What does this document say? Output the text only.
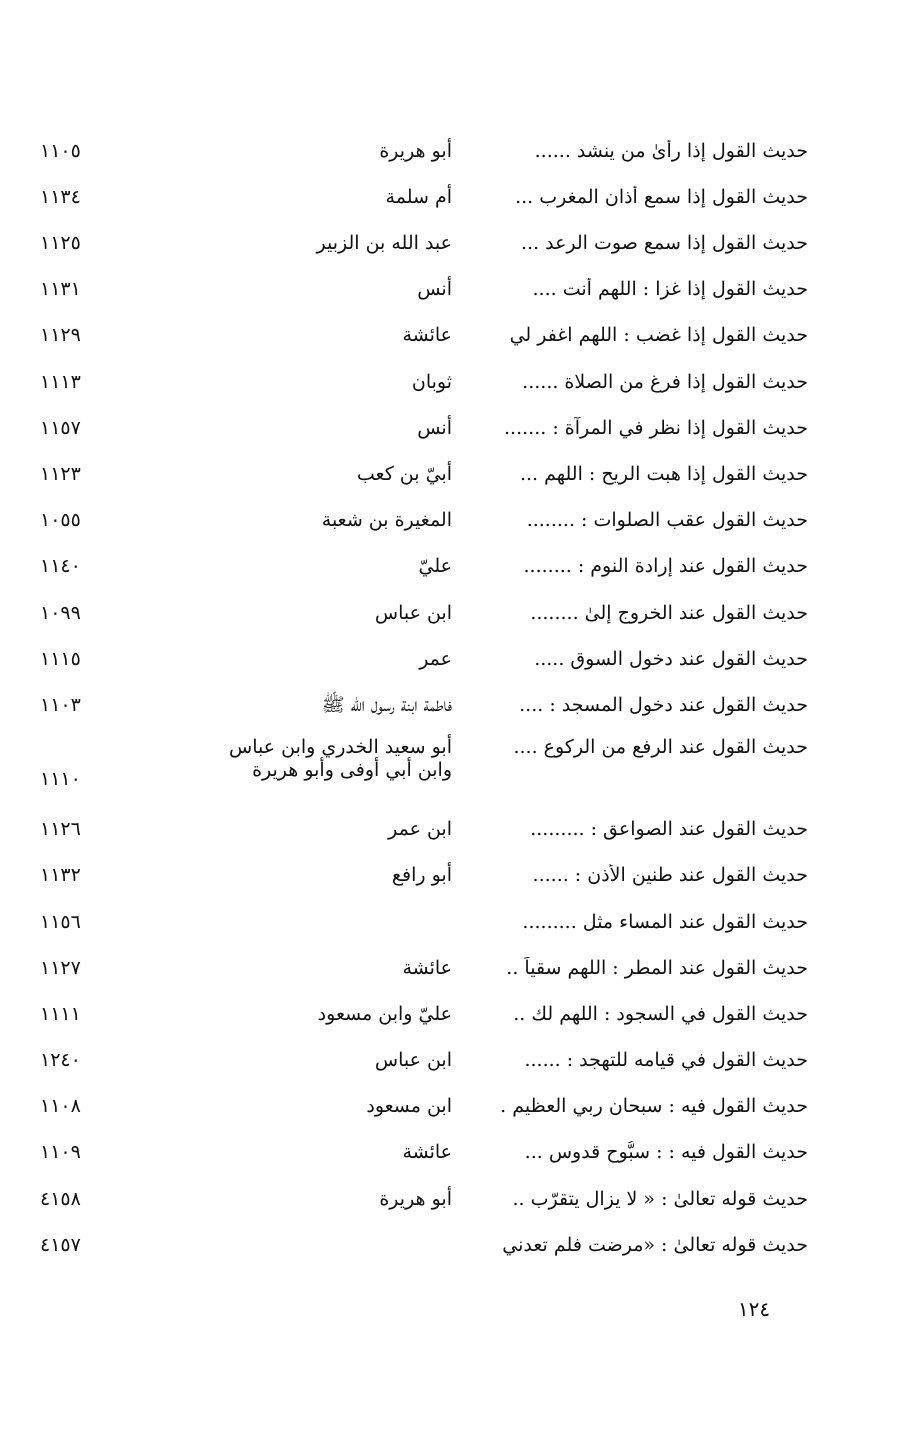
حديث القول إذا رأىٰ من ينشد ......
أبو هريرة
١١٠٥
حديث القول إذا سمع أذان المغرب ...
أم سلمة
١١٣٤
حديث القول إذا سمع صوت الرعد ...
عبد الله بن الزبير
١١٢٥
حديث القول إذا غزا : اللهم أنت ....
أنس
١١٣١
حديث القول إذا غضب : اللهم اغفر لي
عائشة
١١٢٩
حديث القول إذا فرغ من الصلاة ......
ثوبان
١١١٣
حديث القول إذا نظر في المرآة : .......
أنس
١١٥٧
حديث القول إذا هبت الريح : اللهم ...
أبيّ بن كعب
١١٢٣
حديث القول عقب الصلوات : ........
المغيرة بن شعبة
١٠٥٥
حديث القول عند إرادة النوم : ........
عليّ
١١٤٠
حديث القول عند الخروج إلىٰ ........
ابن عباس
١٠٩٩
حديث القول عند دخول السوق .....
عمر
١١١٥
حديث القول عند دخول المسجد : ....
فاطمة ابنة رسول الله ﷺ
١١٠٣
حديث القول عند الرفع من الركوع ....
أبو سعيد الخدري وابن عباس
وابن أبي أوفى وأبو هريرة
١١١٠
حديث القول عند الصواعق : .........
ابن عمر
١١٢٦
حديث القول عند طنين الأذن : ......
أبو رافع
١١٣٢
حديث القول عند المساء مثل .........
١١٥٦
حديث القول عند المطر : اللهم سقياً ..
عائشة
١١٢٧
حديث القول في السجود : اللهم لك ..
عليّ وابن مسعود
١١١١
حديث القول في قيامه للتهجد : ......
ابن عباس
١٢٤٠
حديث القول فيه : سبحان ربي العظيم .
ابن مسعود
١١٠٨
حديث القول فيه : : سبُّوح قدوس ...
عائشة
١١٠٩
حديث قوله تعالىٰ : « لا يزال يتقرّب ..
أبو هريرة
٤١٥٨
حديث قوله تعالىٰ : «مرضت فلم تعدني
٤١٥٧
١٢٤
